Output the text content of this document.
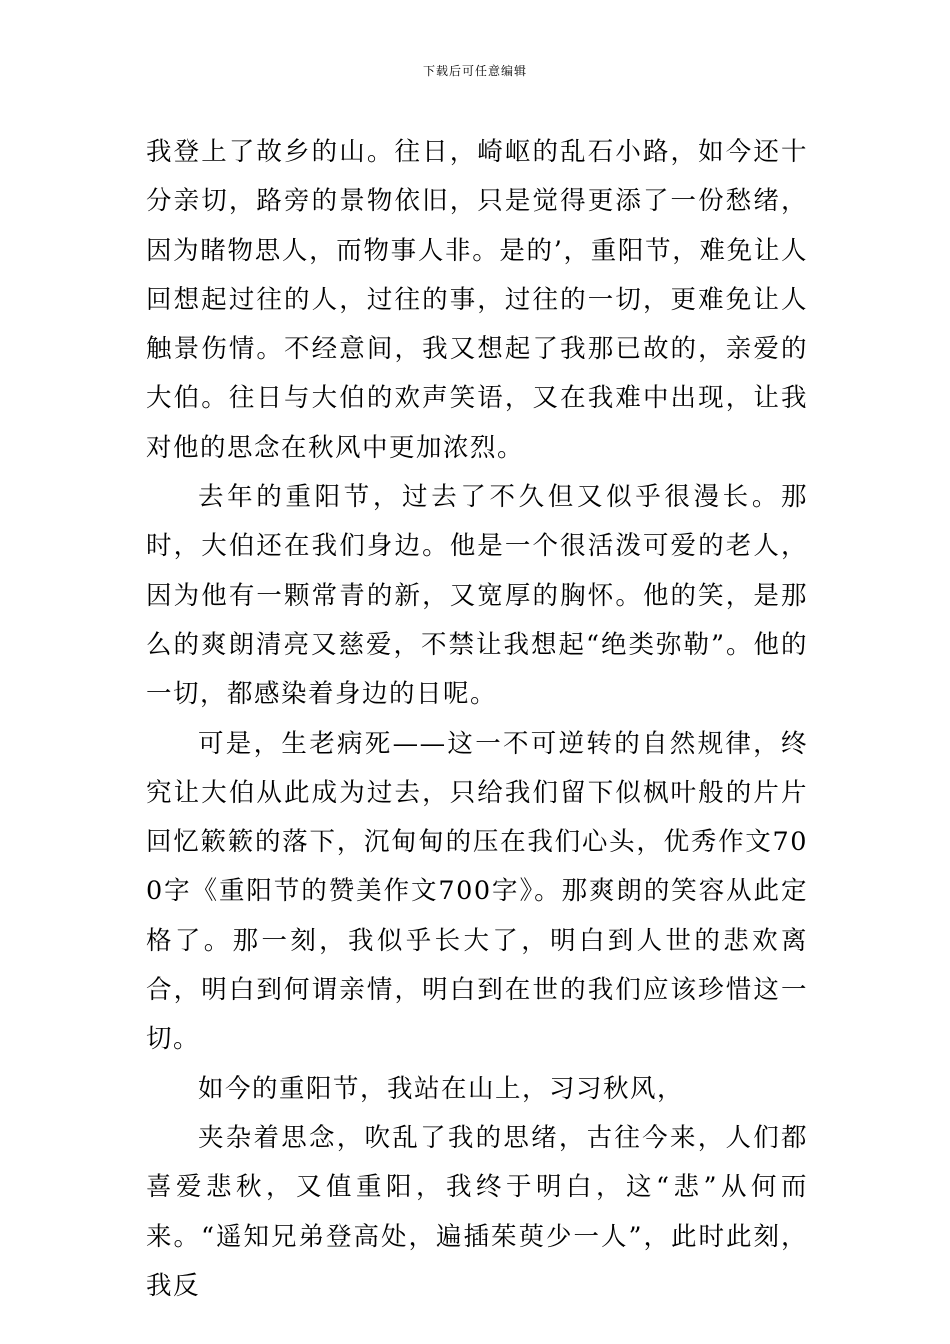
下载后可任意编辑

我登上了故乡的山。往日，崎岖的乱石小路，如今还十分亲切，路旁的景物依旧，只是觉得更添了一份愁绪，因为睹物思人，而物事人非。是的’，重阳节，难免让人回想起过往的人，过往的事，过往的一切，更难免让人触景伤情。不经意间，我又想起了我那已故的，亲爱的大伯。往日与大伯的欢声笑语，又在我难中出现，让我对他的思念在秋风中更加浓烈。

去年的重阳节，过去了不久但又似乎很漫长。那时，大伯还在我们身边。他是一个很活泼可爱的老人，因为他有一颗常青的新，又宽厚的胸怀。他的笑，是那么的爽朗清亮又慈爱，不禁让我想起“绝类弥勒”。他的一切，都感染着身边的日呢。

可是，生老病死——这一不可逆转的自然规律，终究让大伯从此成为过去，只给我们留下似枫叶般的片片回忆簌簌的落下，沉甸甸的压在我们心头，优秀作文700字《重阳节的赞美作文700字》。那爽朗的笑容从此定格了。那一刻，我似乎长大了，明白到人世的悲欢离合，明白到何谓亲情，明白到在世的我们应该珍惜这一切。

如今的重阳节，我站在山上，习习秋风，

夹杂着思念，吹乱了我的思绪，古往今来，人们都喜爱悲秋，又值重阳，我终于明白，这“悲”从何而来。“遥知兄弟登高处，遍插茱萸少一人”，此时此刻，我反
